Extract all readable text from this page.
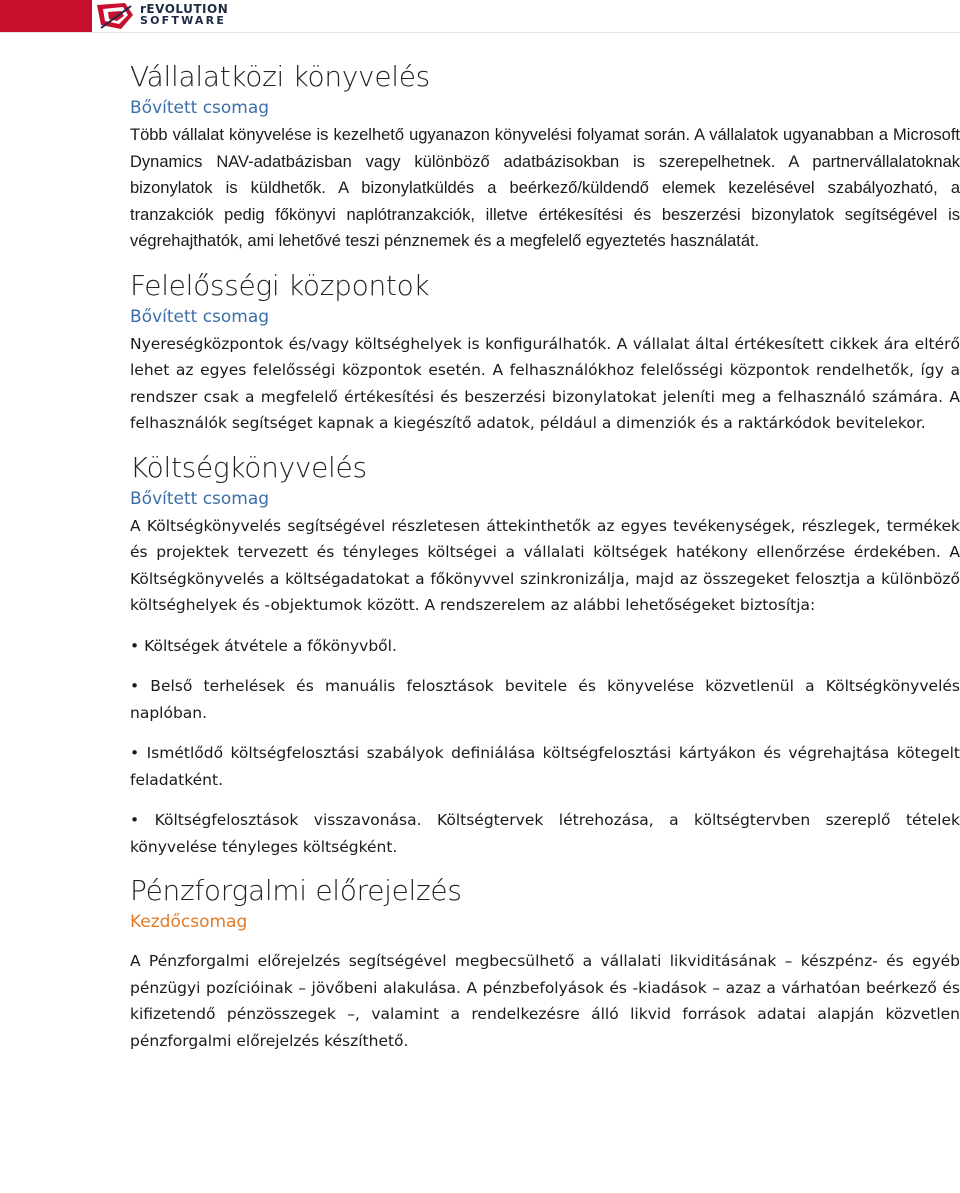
rEVOLUTION
SOFTWARE
Vállalatközi könyvelés
Bővített csomag

Több vállalat könyvelése is kezelhető ugyanazon könyvelési folyamat során. A vállalatok ugyanabban a Microsoft Dynamics NAV-adatbázisban vagy különböző adatbázisokban is szerepelhetnek. A partnervállalatoknak bizonylatok is küldhetők. A bizonylatküldés a beérkező/küldendő elemek kezelésével szabályozható, a tranzakciók pedig főkönyvi naplótranzakciók, illetve értékesítési és beszerzési bizonylatok segítségével is végrehajthatók, ami lehetővé teszi pénznemek és a megfelelő egyeztetés használatát.

Felelősségi központok
Bővített csomag

Nyereségközpontok és/vagy költséghelyek is konfigurálhatók. A vállalat által értékesített cikkek ára eltérő lehet az egyes felelősségi központok esetén. A felhasználókhoz felelősségi központok rendelhetők, így a rendszer csak a megfelelő értékesítési és beszerzési bizonylatokat jeleníti meg a felhasználó számára. A felhasználók segítséget kapnak a kiegészítő adatok, például a dimenziók és a raktárkódok bevitelekor.

Költségkönyvelés
Bővített csomag

A Költségkönyvelés segítségével részletesen áttekinthetők az egyes tevékenységek, részlegek, termékek és projektek tervezett és tényleges költségei a vállalati költségek hatékony ellenőrzése érdekében. A Költségkönyvelés a költségadatokat a főkönyvvel szinkronizálja, majd az összegeket felosztja a különböző költséghelyek és -objektumok között. A rendszerelem az alábbi lehetőségeket biztosítja:

• Költségek átvétele a főkönyvből.

• Belső terhelések és manuális felosztások bevitele és könyvelése közvetlenül a Költségkönyvelés naplóban.

• Ismétlődő költségfelosztási szabályok definiálása költségfelosztási kártyákon és végrehajtása kötegelt feladatként.

• Költségfelosztások visszavonása. Költségtervek létrehozása, a költségtervben szereplő tételek könyvelése tényleges költségként.

Pénzforgalmi előrejelzés
Kezdőcsomag

A Pénzforgalmi előrejelzés segítségével megbecsülhető a vállalati likviditásának – készpénz- és egyéb pénzügyi pozícióinak – jövőbeni alakulása. A pénzbefolyások és -kiadások – azaz a várhatóan beérkező és kifizetendő pénzösszegek –, valamint a rendelkezésre álló likvid források adatai alapján közvetlen pénzforgalmi előrejelzés készíthető.
